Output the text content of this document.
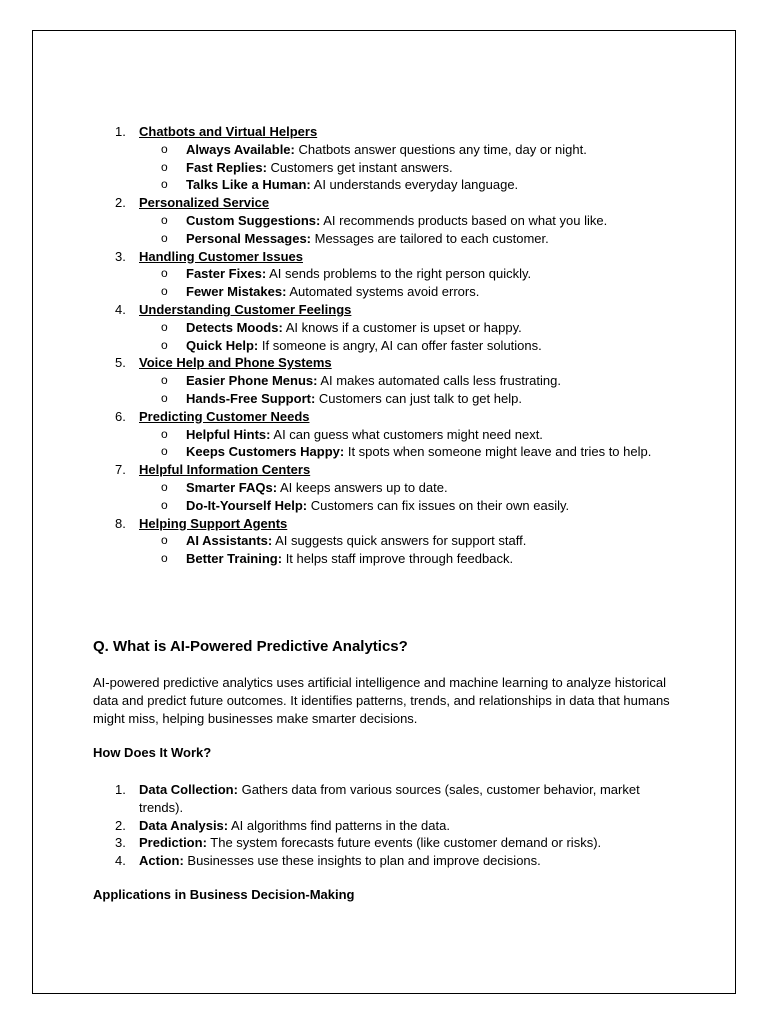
1. Chatbots and Virtual Helpers
o Always Available: Chatbots answer questions any time, day or night.
o Fast Replies: Customers get instant answers.
o Talks Like a Human: AI understands everyday language.
2. Personalized Service
o Custom Suggestions: AI recommends products based on what you like.
o Personal Messages: Messages are tailored to each customer.
3. Handling Customer Issues
o Faster Fixes: AI sends problems to the right person quickly.
o Fewer Mistakes: Automated systems avoid errors.
4. Understanding Customer Feelings
o Detects Moods: AI knows if a customer is upset or happy.
o Quick Help: If someone is angry, AI can offer faster solutions.
5. Voice Help and Phone Systems
o Easier Phone Menus: AI makes automated calls less frustrating.
o Hands-Free Support: Customers can just talk to get help.
6. Predicting Customer Needs
o Helpful Hints: AI can guess what customers might need next.
o Keeps Customers Happy: It spots when someone might leave and tries to help.
7. Helpful Information Centers
o Smarter FAQs: AI keeps answers up to date.
o Do-It-Yourself Help: Customers can fix issues on their own easily.
8. Helping Support Agents
o AI Assistants: AI suggests quick answers for support staff.
o Better Training: It helps staff improve through feedback.
Q. What is AI-Powered Predictive Analytics?

AI-powered predictive analytics uses artificial intelligence and machine learning to analyze historical data and predict future outcomes. It identifies patterns, trends, and relationships in data that humans might miss, helping businesses make smarter decisions.

How Does It Work?
1. Data Collection: Gathers data from various sources (sales, customer behavior, market trends).
2. Data Analysis: AI algorithms find patterns in the data.
3. Prediction: The system forecasts future events (like customer demand or risks).
4. Action: Businesses use these insights to plan and improve decisions.
Applications in Business Decision-Making
